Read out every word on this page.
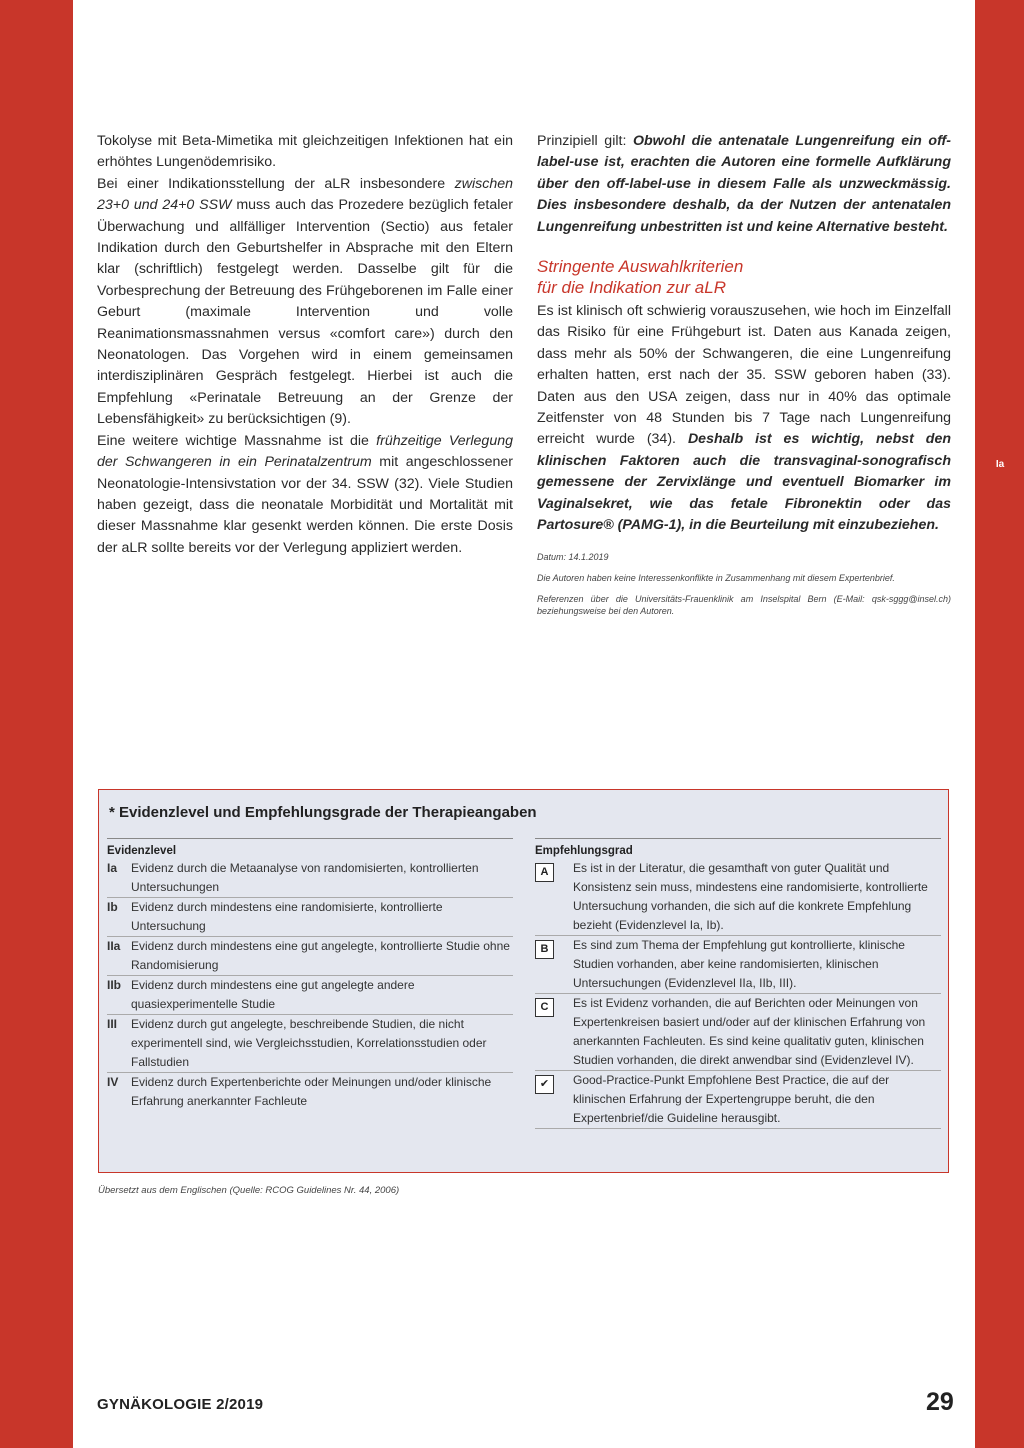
Ia

Tokolyse mit Beta-Mimetika mit gleichzeitigen Infektionen hat ein erhöhtes Lungenödemrisiko.

Bei einer Indikationsstellung der aLR insbesondere zwischen 23+0 und 24+0 SSW muss auch das Prozedere bezüglich fetaler Überwachung und allfälliger Intervention (Sectio) aus fetaler Indikation durch den Geburtshelfer in Absprache mit den Eltern klar (schriftlich) festgelegt werden. Dasselbe gilt für die Vorbesprechung der Betreuung des Frühgeborenen im Falle einer Geburt (maximale Intervention und volle Reanimationsmassnahmen versus «comfort care») durch den Neonatologen. Das Vorgehen wird in einem gemeinsamen interdisziplinären Gespräch festgelegt. Hierbei ist auch die Empfehlung «Perinatale Betreuung an der Grenze der Lebensfähigkeit» zu berücksichtigen (9).

Eine weitere wichtige Massnahme ist die frühzeitige Verlegung der Schwangeren in ein Perinatalzentrum mit angeschlossener Neonatologie-Intensivstation vor der 34. SSW (32). Viele Studien haben gezeigt, dass die neonatale Morbidität und Mortalität mit dieser Massnahme klar gesenkt werden können. Die erste Dosis der aLR sollte bereits vor der Verlegung appliziert werden.

Prinzipiell gilt: Obwohl die antenatale Lungenreifung ein off-label-use ist, erachten die Autoren eine formelle Aufklärung über den off-label-use in diesem Falle als unzweckmässig. Dies insbesondere deshalb, da der Nutzen der antenatalen Lungenreifung unbestritten ist und keine Alternative besteht.

Stringente Auswahlkriterien
für die Indikation zur aLR

Es ist klinisch oft schwierig vorauszusehen, wie hoch im Einzelfall das Risiko für eine Frühgeburt ist. Daten aus Kanada zeigen, dass mehr als 50% der Schwangeren, die eine Lungenreifung erhalten hatten, erst nach der 35. SSW geboren haben (33). Daten aus den USA zeigen, dass nur in 40% das optimale Zeitfenster von 48 Stunden bis 7 Tage nach Lungenreifung erreicht wurde (34). Deshalb ist es wichtig, nebst den klinischen Faktoren auch die transvaginal-sonografisch gemessene der Zervixlänge und eventuell Biomarker im Vaginalsekret, wie das fetale Fibronektin oder das Partosure® (PAMG-1), in die Beurteilung mit einzubeziehen.

Datum: 14.1.2019

Die Autoren haben keine Interessenkonflikte in Zusammenhang mit diesem Expertenbrief.

Referenzen über die Universitäts-Frauenklinik am Inselspital Bern (E-Mail: qsk-sggg@insel.ch) beziehungsweise bei den Autoren.

* Evidenzlevel und Empfehlungsgrade der Therapieangaben
Evidenzlevel
Ia	Evidenz durch die Metaanalyse von randomisierten, kontrollierten Untersuchungen
Ib	Evidenz durch mindestens eine randomisierte, kontrollierte Untersuchung
IIa Evidenz durch mindestens eine gut angelegte, kontrollierte Studie ohne Randomisierung
IIb Evidenz durch mindestens eine gut angelegte andere quasiexperimentelle Studie
III	Evidenz durch gut angelegte, beschreibende Studien, die nicht experimentell sind, wie Vergleichsstudien, Korrelationsstudien oder Fallstudien
IV	Evidenz durch Expertenberichte oder Meinungen und/oder klinische Erfahrung anerkannter Fachleute
Empfehlungsgrad
A	Es ist in der Literatur, die gesamthaft von guter Qualität und Konsistenz sein muss, mindestens eine randomisierte, kontrollierte Untersuchung vorhanden, die sich auf die konkrete Empfehlung bezieht (Evidenzlevel Ia, Ib).
B	Es sind zum Thema der Empfehlung gut kontrollierte, klinische Studien vorhanden, aber keine randomisierten, klinischen Untersuchungen (Evidenzlevel IIa, IIb, III).
C	Es ist Evidenz vorhanden, die auf Berichten oder Meinungen von Expertenkreisen basiert und/oder auf der klinischen Erfahrung von anerkannten Fachleuten. Es sind keine qualitativ guten, klinischen Studien vorhanden, die direkt anwendbar sind (Evidenzlevel IV).
✔	Good-Practice-Punkt Empfohlene Best Practice, die auf der klinischen Erfahrung der Expertengruppe beruht, die den Expertenbrief/die Guideline herausgibt.
Übersetzt aus dem Englischen (Quelle: RCOG Guidelines Nr. 44, 2006)
GYNÄKOLOGIE 2/2019	29
